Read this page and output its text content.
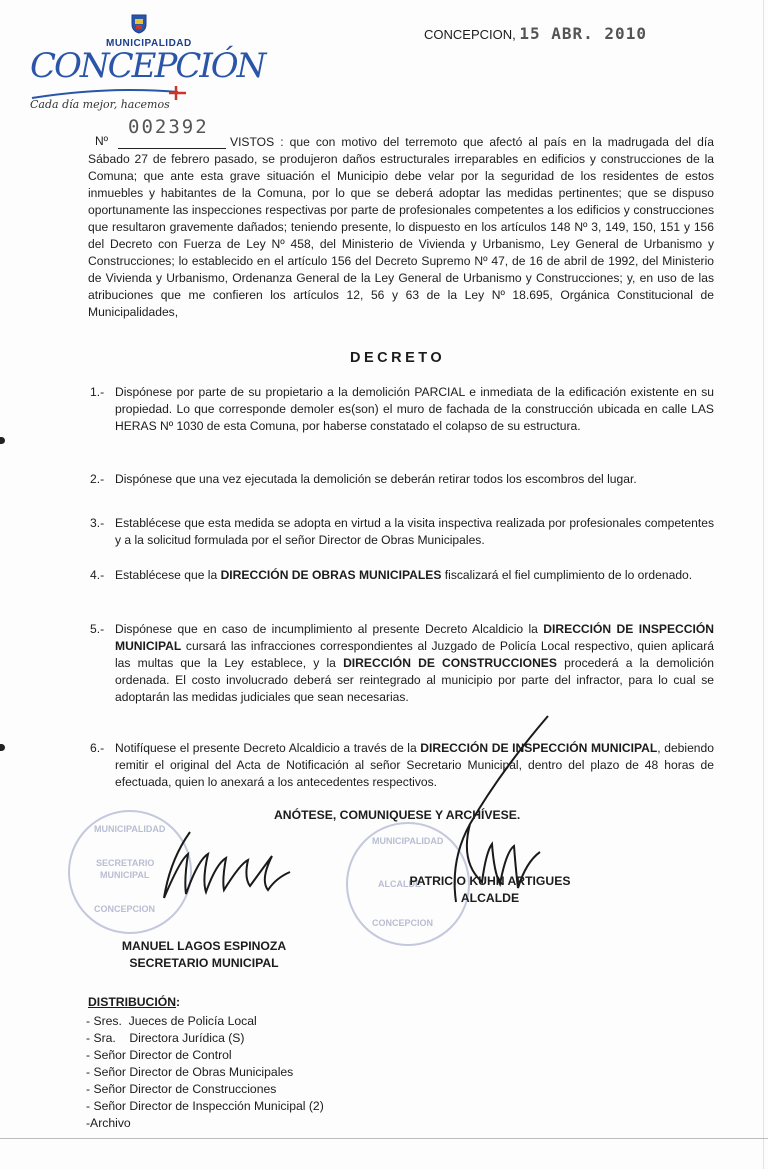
MUNICIPALIDAD
CONCEPCIÓN
Cada día mejor, hacemos
CONCEPCION, 15 ABR. 2010
Nº
002392
VISTOS : que con motivo del terremoto que afectó al país en la madrugada del día Sábado 27 de febrero pasado, se produjeron daños estructurales irreparables en edificios y construcciones de la Comuna; que ante esta grave situación el Municipio debe velar por la seguridad de los residentes de estos inmuebles y habitantes de la Comuna, por lo que se deberá adoptar las medidas pertinentes; que se dispuso oportunamente las inspecciones respectivas por parte de profesionales competentes a los edificios y construcciones que resultaron gravemente dañados; teniendo presente, lo dispuesto en los artículos 148 Nº 3, 149, 150, 151 y 156 del Decreto con Fuerza de Ley Nº 458, del Ministerio de Vivienda y Urbanismo, Ley General de Urbanismo y Construcciones; lo establecido en el artículo 156 del Decreto Supremo Nº 47, de 16 de abril de 1992, del Ministerio de Vivienda y Urbanismo, Ordenanza General de la Ley General de Urbanismo y Construcciones; y, en uso de las atribuciones que me confieren los artículos 12, 56 y 63 de la Ley Nº 18.695, Orgánica Constitucional de Municipalidades,
DECRETO
1.- Dispónese por parte de su propietario a la demolición PARCIAL e inmediata de la edificación existente en su propiedad. Lo que corresponde demoler es(son) el muro de fachada de la construcción ubicada en calle LAS HERAS Nº 1030 de esta Comuna, por haberse constatado el colapso de su estructura.
2.- Dispónese que una vez ejecutada la demolición se deberán retirar todos los escombros del lugar.
3.- Establécese que esta medida se adopta en virtud a la visita inspectiva realizada por profesionales competentes y a la solicitud formulada por el señor Director de Obras Municipales.
4.- Establécese que la DIRECCIÓN DE OBRAS MUNICIPALES fiscalizará el fiel cumplimiento de lo ordenado.
5.- Dispónese que en caso de incumplimiento al presente Decreto Alcaldicio la DIRECCIÓN DE INSPECCIÓN MUNICIPAL cursará las infracciones correspondientes al Juzgado de Policía Local respectivo, quien aplicará las multas que la Ley establece, y la DIRECCIÓN DE CONSTRUCCIONES procederá a la demolición ordenada. El costo involucrado deberá ser reintegrado al municipio por parte del infractor, para lo cual se adoptarán las medidas judiciales que sean necesarias.
6.- Notifíquese el presente Decreto Alcaldicio a través de la DIRECCIÓN DE INSPECCIÓN MUNICIPAL, debiendo remitir el original del Acta de Notificación al señor Secretario Municipal, dentro del plazo de 48 horas de efectuada, quien lo anexará a los antecedentes respectivos.
ANÓTESE, COMUNIQUESE Y ARCHÍVESE.
MUNICIPALIDAD
SECRETARIO
MUNICIPAL
CONCEPCION
MUNICIPALIDAD
ALCALDE
CONCEPCION
PATRICIO KUHN ARTIGUES
ALCALDE
MANUEL LAGOS ESPINOZA
SECRETARIO MUNICIPAL
DISTRIBUCIÓN:
- Sres.  Jueces de Policía Local
- Sra.    Directora Jurídica (S)
- Señor Director de Control
- Señor Director de Obras Municipales
- Señor Director de Construcciones
- Señor Director de Inspección Municipal (2)
-Archivo
